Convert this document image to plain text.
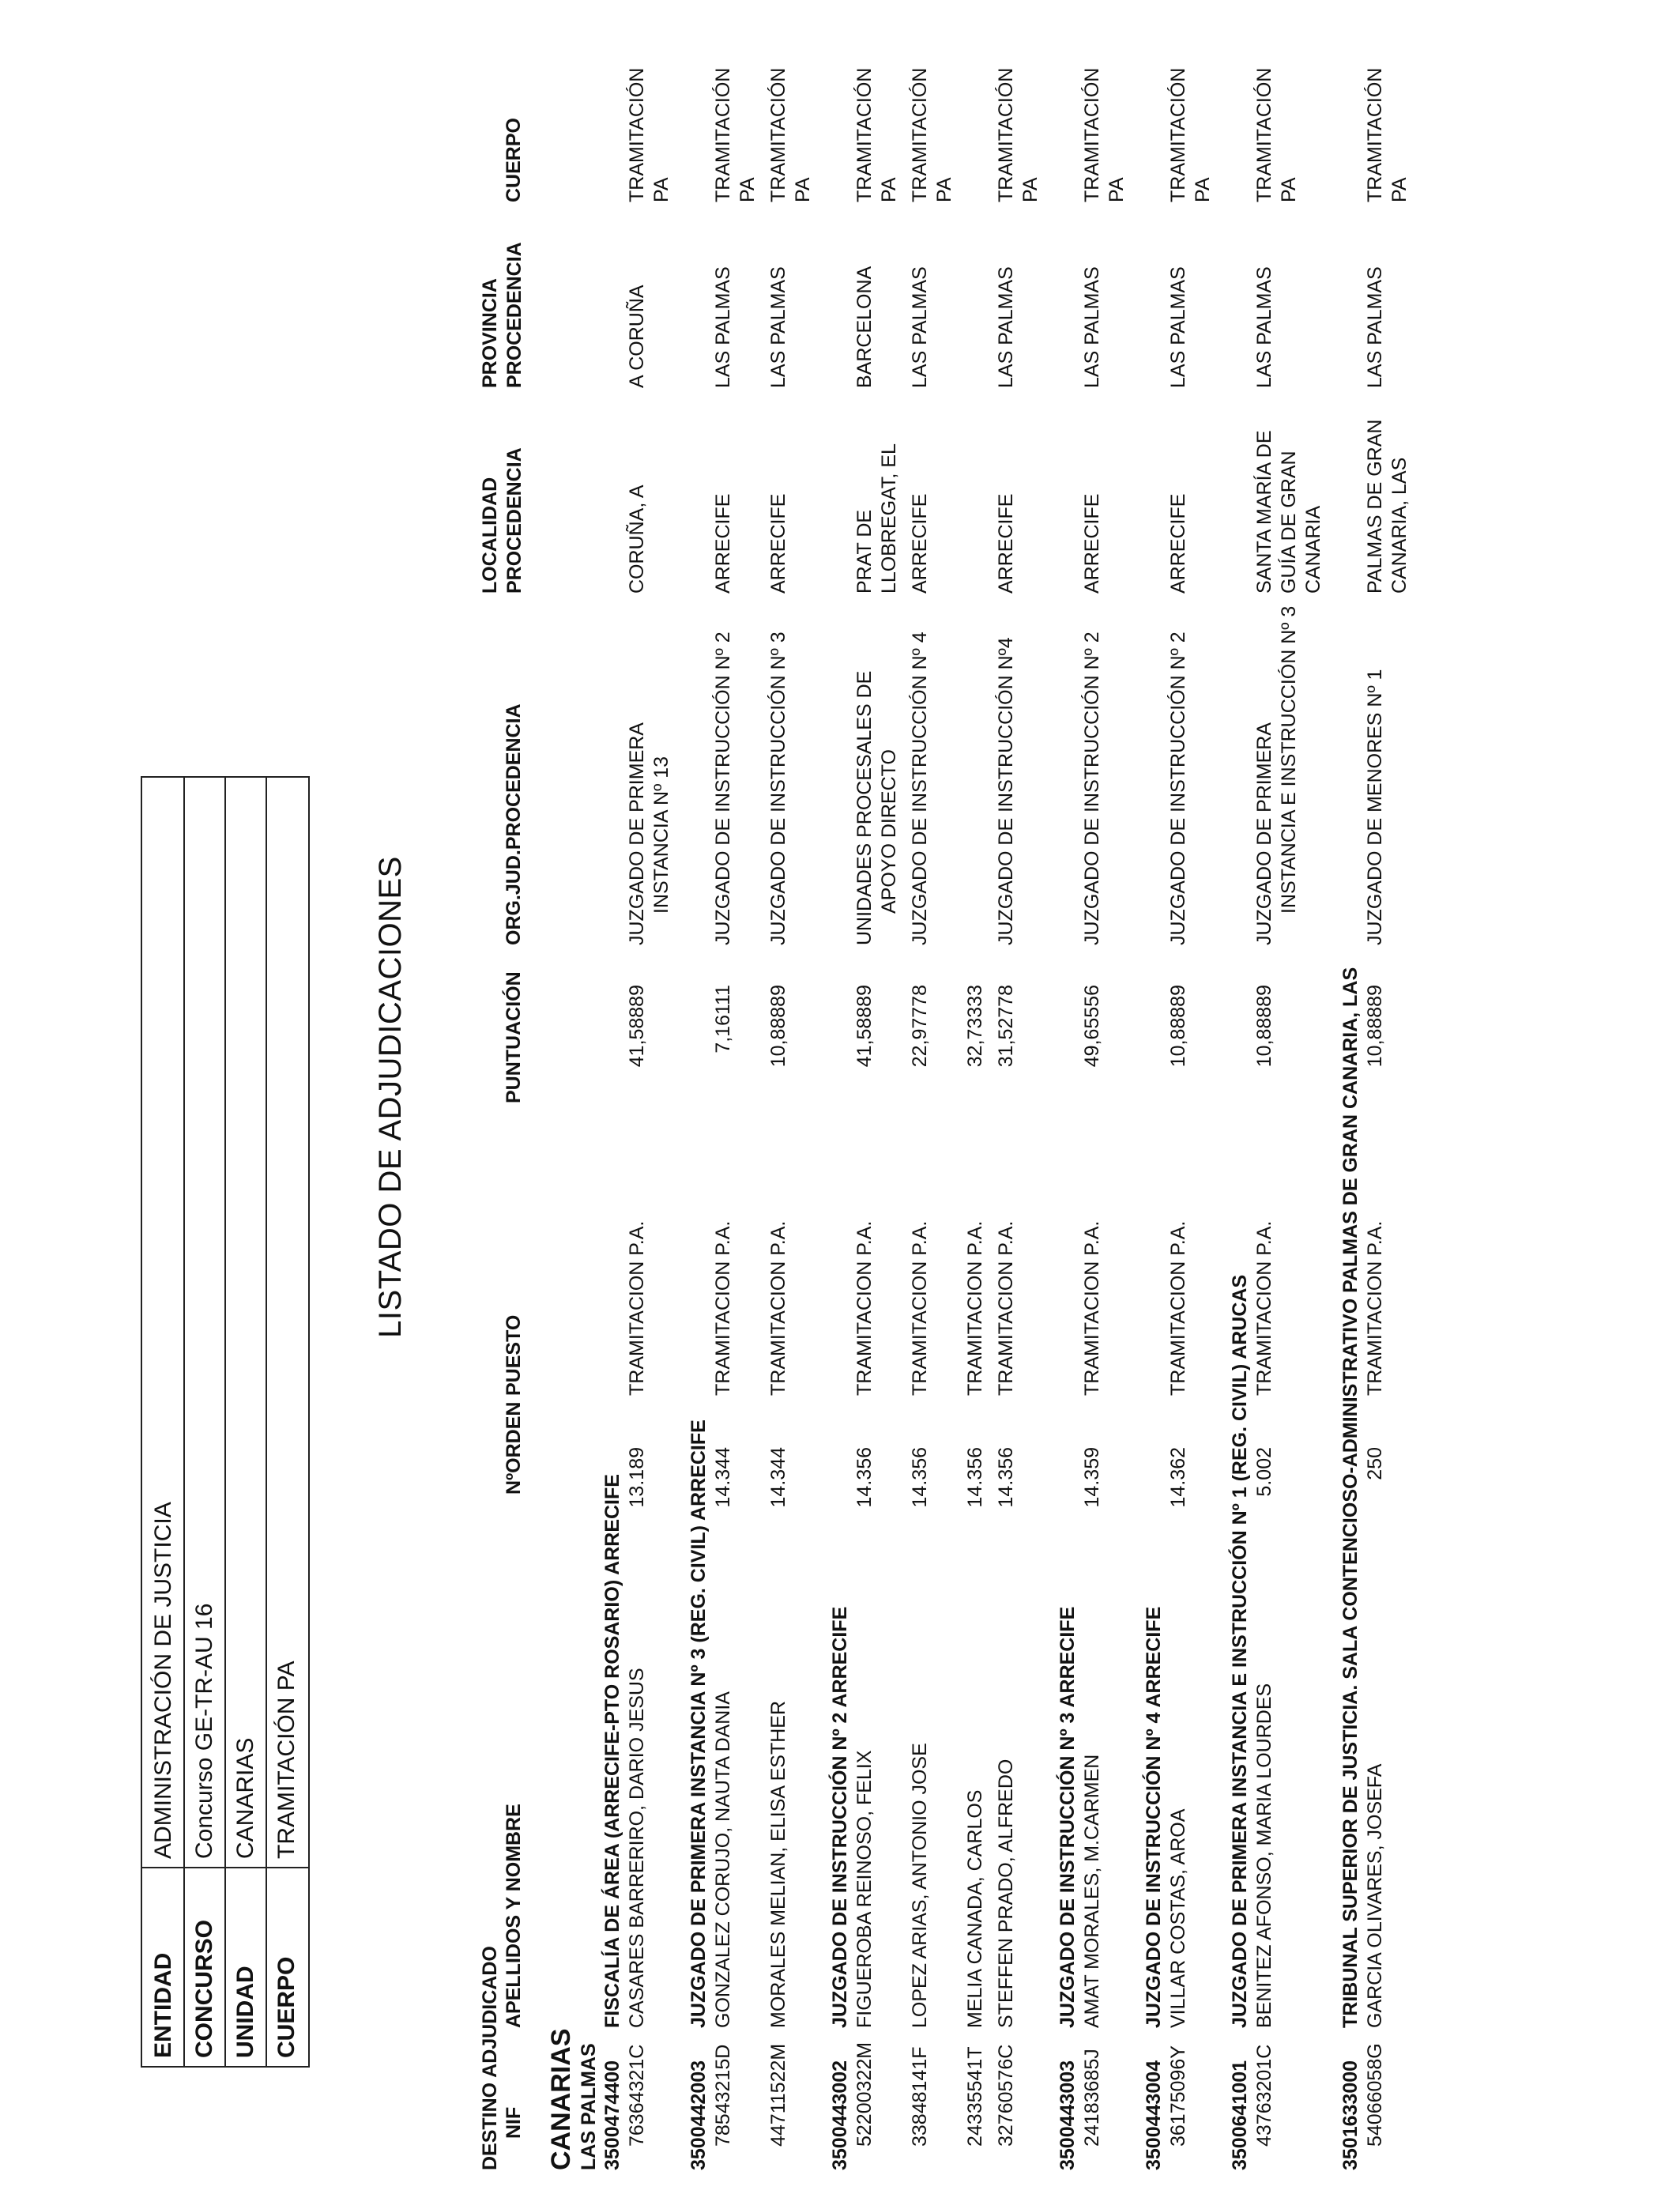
ENTIDAD
ADMINISTRACIÓN DE JUSTICIA
CONCURSO
Concurso GE-TR-AU 16
UNIDAD
CANARIAS
CUERPO
TRAMITACIÓN PA
LISTADO DE ADJUDICACIONES
DESTINO ADJUDICADO NIF
APELLIDOS Y NOMBRE
NºORDEN
PUESTO
PUNTUACIÓN
ORG.JUD.PROCEDENCIA
LOCALIDAD PROCEDENCIA
PROVINCIA PROCEDENCIA
CUERPO
CANARIAS LAS PALMAS 3500474400
FISCALÍA DE ÁREA (ARRECIFE-PTO ROSARIO) ARRECIFE
76364321C
CASARES BARRERIRO, DARIO JESUS
13.189
TRAMITACION P.A.
41,58889
JUZGADO DE PRIMERA INSTANCIA Nº 13
CORUÑA, A
A CORUÑA
TRAMITACIÓN PA
3500442003
JUZGADO DE PRIMERA INSTANCIA Nº 3 (REG. CIVIL) ARRECIFE
78543215D
GONZALEZ CORUJO, NAUTA DANIA
14.344
TRAMITACION P.A.
7,16111
JUZGADO DE INSTRUCCIÓN Nº 2
ARRECIFE
LAS PALMAS
TRAMITACIÓN PA
44711522M
MORALES MELIAN, ELISA ESTHER
14.344
TRAMITACION P.A.
10,88889
JUZGADO DE INSTRUCCIÓN Nº 3
ARRECIFE
LAS PALMAS
TRAMITACIÓN PA
3500443002
JUZGADO DE INSTRUCCIÓN Nº 2 ARRECIFE
52200322M
FIGUEROBA REINOSO, FELIX
14.356
TRAMITACION P.A.
41,58889
UNIDADES PROCESALES DE APOYO DIRECTO
PRAT DE LLOBREGAT, EL
BARCELONA
TRAMITACIÓN PA
33848141F
LOPEZ ARIAS, ANTONIO JOSE
14.356
TRAMITACION P.A.
22,97778
JUZGADO DE INSTRUCCIÓN Nº 4
ARRECIFE
LAS PALMAS
TRAMITACIÓN PA
24335541T
MELIA CANADA, CARLOS
14.356
TRAMITACION P.A.
32,73333
32760576C
STEFFEN PRADO, ALFREDO
14.356
TRAMITACION P.A.
31,52778
JUZGADO DE INSTRUCCIÓN Nº4
ARRECIFE
LAS PALMAS
TRAMITACIÓN PA
3500443003
JUZGADO DE INSTRUCCIÓN Nº 3 ARRECIFE
24183685J
AMAT MORALES, M.CARMEN
14.359
TRAMITACION P.A.
49,65556
JUZGADO DE INSTRUCCIÓN Nº 2
ARRECIFE
LAS PALMAS
TRAMITACIÓN PA
3500443004
JUZGADO DE INSTRUCCIÓN Nº 4 ARRECIFE
36175096Y
VILLAR COSTAS, AROA
14.362
TRAMITACION P.A.
10,88889
JUZGADO DE INSTRUCCIÓN Nº 2
ARRECIFE
LAS PALMAS
TRAMITACIÓN PA
3500641001
JUZGADO DE PRIMERA INSTANCIA E INSTRUCCIÓN Nº 1 (REG. CIVIL) ARUCAS
43763201C
BENITEZ AFONSO, MARIA LOURDES
5.002
TRAMITACION P.A.
10,88889
JUZGADO DE PRIMERA INSTANCIA E INSTRUCCIÓN Nº 3
SANTA MARÍA DE GUÍA DE GRAN CANARIA
LAS PALMAS
TRAMITACIÓN PA
3501633000
TRIBUNAL SUPERIOR DE JUSTICIA. SALA CONTENCIOSO-ADMINISTRATIVO PALMAS DE GRAN CANARIA, LAS
54066058G
GARCIA OLIVARES, JOSEFA
250
TRAMITACION P.A.
10,88889
JUZGADO DE MENORES Nº 1
PALMAS DE GRAN CANARIA, LAS
LAS PALMAS
TRAMITACIÓN PA
